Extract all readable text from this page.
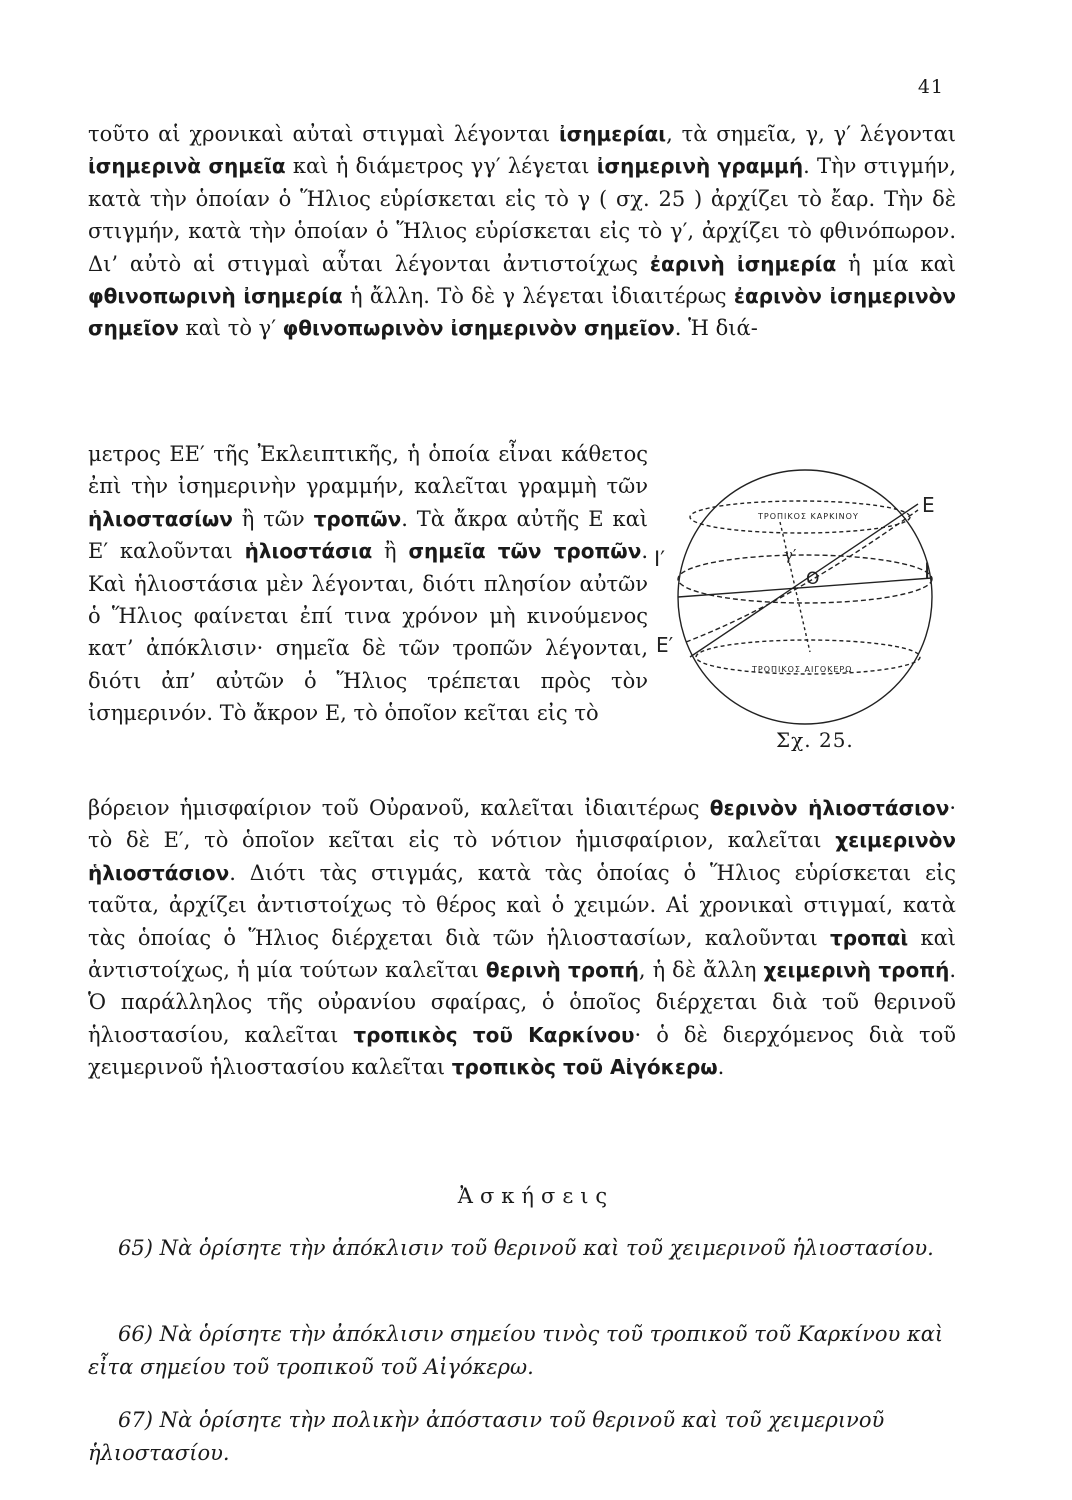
41

τοῦτο αἱ χρονικαὶ αὐταὶ στιγμαὶ λέγονται ἰσημερίαι, τὰ σημεῖα, γ, γ′ λέγονται ἰσημερινὰ σημεῖα καὶ ἡ διάμετρος γγ′ λέγεται ἰσημερινὴ γραμμή. Τὴν στιγμήν, κατὰ τὴν ὁποίαν ὁ Ἥλιος εὑρίσκεται εἰς τὸ γ ( σχ. 25 ) ἀρχίζει τὸ ἔαρ. Τὴν δὲ στιγμήν, κατὰ τὴν ὁποίαν ὁ Ἥλιος εὑρίσκεται εἰς τὸ γ′, ἀρχίζει τὸ φθινόπωρον. Δι’ αὐτὸ αἱ στιγμαὶ αὗται λέγονται ἀντιστοίχως ἐαρινὴ ἰσημερία ἡ μία καὶ φθινοπωρινὴ ἰσημερία ἡ ἄλλη. Τὸ δὲ γ λέγεται ἰδιαιτέρως ἐαρινὸν ἰσημερινὸν σημεῖον καὶ τὸ γ′ φθινοπωρινὸν ἰσημερινὸν σημεῖον. Ἡ διά-

μετρος ΕΕ′ τῆς Ἐκλειπτικῆς, ἡ ὁποία εἶναι κάθετος ἐπὶ τὴν ἰσημερινὴν γραμμήν, καλεῖται γραμμὴ τῶν ἡλιοστασίων ἢ τῶν τροπῶν. Τὰ ἄκρα αὐτῆς Ε καὶ Ε′ καλοῦνται ἡλιοστάσια ἢ σημεῖα τῶν τροπῶν. Καὶ ἡλιοστάσια μὲν λέγονται, διότι πλησίον αὐτῶν ὁ Ἥλιος φαίνεται ἐπί τινα χρόνον μὴ κινούμενος κατ’ ἀπόκλισιν· σημεῖα δὲ τῶν τροπῶν λέγονται, διότι ἀπ’ αὐτῶν ὁ Ἥλιος τρέπεται πρὸς τὸν ἰσημερινόν. Τὸ ἄκρον Ε, τὸ ὁποῖον κεῖται εἰς τὸ

ΤΡΟΠΙΚΟΣ ΚΑΡΚΙΝΟΥ
ΤΡΟΠΙΚΟΣ ΑΙΓΟΚΕΡΩ
γ′
O
E
I
I′
E′
Σχ. 25.

βόρειον ἡμισφαίριον τοῦ Οὐρανοῦ, καλεῖται ἰδιαιτέρως θερινὸν ἡλιοστάσιον· τὸ δὲ Ε′, τὸ ὁποῖον κεῖται εἰς τὸ νότιον ἡμισφαίριον, καλεῖται χειμερινὸν ἡλιοστάσιον. Διότι τὰς στιγμάς, κατὰ τὰς ὁποίας ὁ Ἥλιος εὑρίσκεται εἰς ταῦτα, ἀρχίζει ἀντιστοίχως τὸ θέρος καὶ ὁ χειμών. Αἱ χρονικαὶ στιγμαί, κατὰ τὰς ὁποίας ὁ Ἥλιος διέρχεται διὰ τῶν ἡλιοστασίων, καλοῦνται τροπαὶ καὶ ἀντιστοίχως, ἡ μία τούτων καλεῖται θερινὴ τροπή, ἡ δὲ ἄλλη χειμερινὴ τροπή. Ὁ παράλληλος τῆς οὐρανίου σφαίρας, ὁ ὁποῖος διέρχεται διὰ τοῦ θερινοῦ ἡλιοστασίου, καλεῖται τροπικὸς τοῦ Καρκίνου· ὁ δὲ διερχόμενος διὰ τοῦ χειμερινοῦ ἡλιοστασίου καλεῖται τροπικὸς τοῦ Αἰγόκερω.

Ἀσκήσεις

65) Νὰ ὁρίσητε τὴν ἀπόκλισιν τοῦ θερινοῦ καὶ τοῦ χειμερινοῦ ἡλιοστασίου.

66) Νὰ ὁρίσητε τὴν ἀπόκλισιν σημείου τινὸς τοῦ τροπικοῦ τοῦ Καρκίνου καὶ εἶτα σημείου τοῦ τροπικοῦ τοῦ Αἰγόκερω.

67) Νὰ ὁρίσητε τὴν πολικὴν ἀπόστασιν τοῦ θερινοῦ καὶ τοῦ χειμερινοῦ ἡλιοστασίου.
